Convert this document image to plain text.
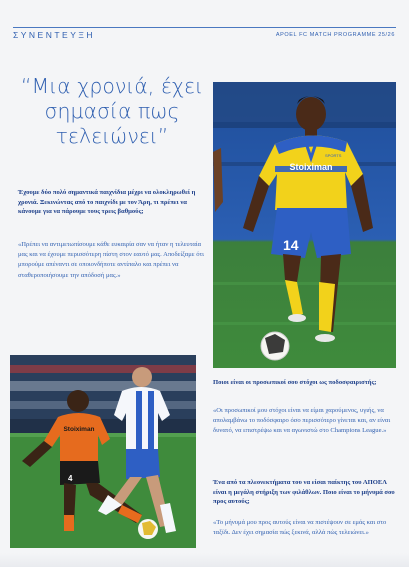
ΣΥΝΕΝΤΕΥΞΗ	APOEL FC MATCH PROGRAMME 25/26
“Μια χρονιά, έχει σημασία πως τελειώνει”
Έχουμε δύο πολύ σημαντικά παιχνίδια μέχρι να ολοκληρωθεί η χρονιά. Ξεκινώντας από το παιχνίδι με τον Άρη, τι πρέπει να κάνουμε για να πάρουμε τους τρεις βαθμούς;
«Πρέπει να αντιμετωπίσουμε κάθε ευκαιρία σαν να ήταν η τελευταία μας και να έχουμε περισσότερη πίστη στον εαυτό μας. Αποδείξαμε ότι μπορούμε απέναντι σε οποιονδήποτε αντίπαλο και πρέπει να σταθεροποιήσουμε την απόδοσή μας.»
Stoiximan
SPORTS
14
Stoiximan
4
Ποιοι είναι οι προσωπικοί σου στόχοι ως ποδοσφαιριστής;
«Οι προσωπικοί μου στόχοι είναι να είμαι χαρούμενος, υγιής, να απολαμβάνω το ποδόσφαιρο όσο περισσότερο γίνεται και, αν είναι δυνατό, να επιστρέψω και να αγωνιστώ στο Champions League.»
Ένα από τα πλεονεκτήματα του να είσαι παίκτης του ΑΠΟΕΛ είναι η μεγάλη στήριξη των φιλάθλων. Ποιο είναι το μήνυμά σου προς αυτούς;
«Το μήνυμά μου προς αυτούς είναι να πιστέψουν σε εμάς και στο ταξίδι. Δεν έχει σημασία πώς ξεκινά, αλλά πώς τελειώνει.»
